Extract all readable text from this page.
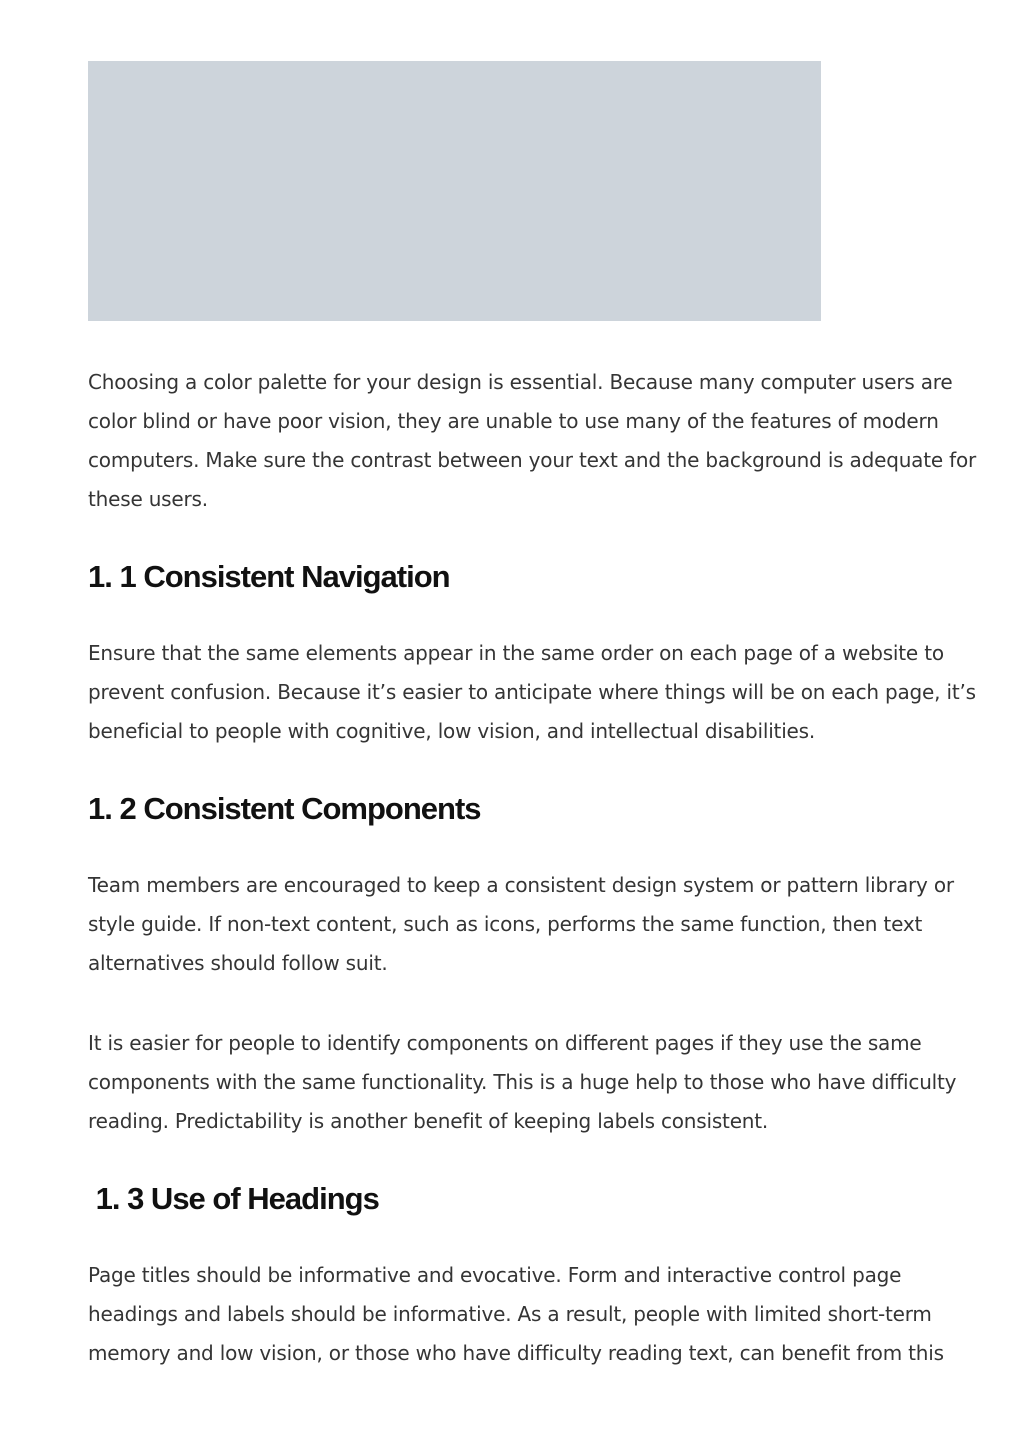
Choosing a color palette for your design is essential. Because many computer users are color blind or have poor vision, they are unable to use many of the features of modern computers. Make sure the contrast between your text and the background is adequate for these users.

1. 1 Consistent Navigation

Ensure that the same elements appear in the same order on each page of a website to prevent confusion. Because it’s easier to anticipate where things will be on each page, it’s beneficial to people with cognitive, low vision, and intellectual disabilities.

1. 2 Consistent Components

Team members are encouraged to keep a consistent design system or pattern library or style guide. If non-text content, such as icons, performs the same function, then text alternatives should follow suit.

It is easier for people to identify components on different pages if they use the same components with the same functionality. This is a huge help to those who have difficulty reading. Predictability is another benefit of keeping labels consistent.

1. 3 Use of Headings

Page titles should be informative and evocative. Form and interactive control page headings and labels should be informative. As a result, people with limited short-term memory and low vision, or those who have difficulty reading text, can benefit from this
